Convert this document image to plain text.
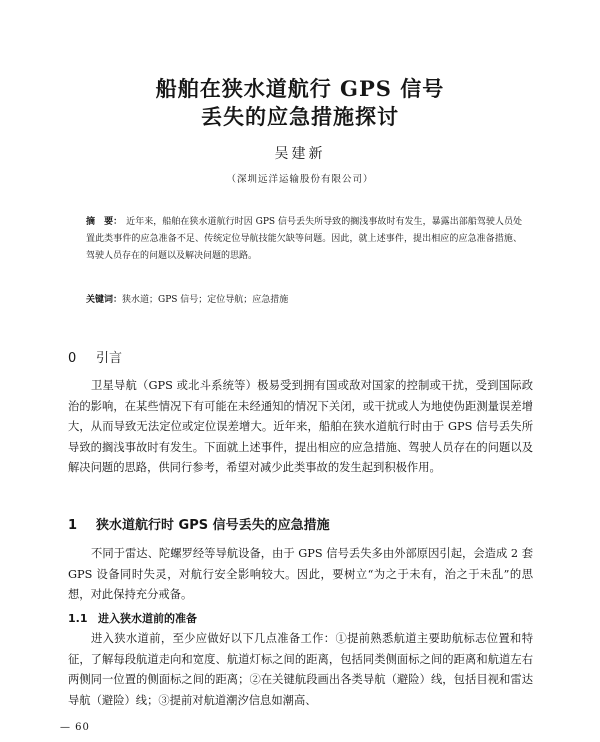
船舶在狭水道航行 GPS 信号
丢失的应急措施探讨
吴建新
（深圳远洋运输股份有限公司）

摘　要： 近年来，船舶在狭水道航行时因 GPS 信号丢失所导致的搁浅事故时有发生，暴露出部船驾驶人员处置此类事件的应急准备不足、传统定位导航技能欠缺等问题。因此，就上述事件，提出相应的应急准备措施、驾驶人员存在的问题以及解决问题的思路。

关键词：狭水道；GPS 信号；定位导航；应急措施
0 引言

卫星导航（GPS 或北斗系统等）极易受到拥有国或敌对国家的控制或干扰，受到国际政治的影响，在某些情况下有可能在未经通知的情况下关闭，或干扰或人为地使伪距测量误差增大，从而导致无法定位或定位误差增大。近年来，船舶在狭水道航行时由于 GPS 信号丢失所导致的搁浅事故时有发生。下面就上述事件，提出相应的应急措施、驾驶人员存在的问题以及解决问题的思路，供同行参考，希望对减少此类事故的发生起到积极作用。

1 狭水道航行时 GPS 信号丢失的应急措施

不同于雷达、陀螺罗经等导航设备，由于 GPS 信号丢失多由外部原因引起，会造成 2 套 GPS 设备同时失灵，对航行安全影响较大。因此，要树立“为之于未有，治之于未乱”的思想，对此保持充分戒备。

1.1 进入狭水道前的准备

进入狭水道前，至少应做好以下几点准备工作：①提前熟悉航道主要助航标志位置和特征，了解每段航道走向和宽度、航道灯标之间的距离，包括同类侧面标之间的距离和航道左右两侧同一位置的侧面标之间的距离；②在关键航段画出各类导航（避险）线，包括目视和雷达导航（避险）线；③提前对航道潮汐信息如潮高、

— 60
